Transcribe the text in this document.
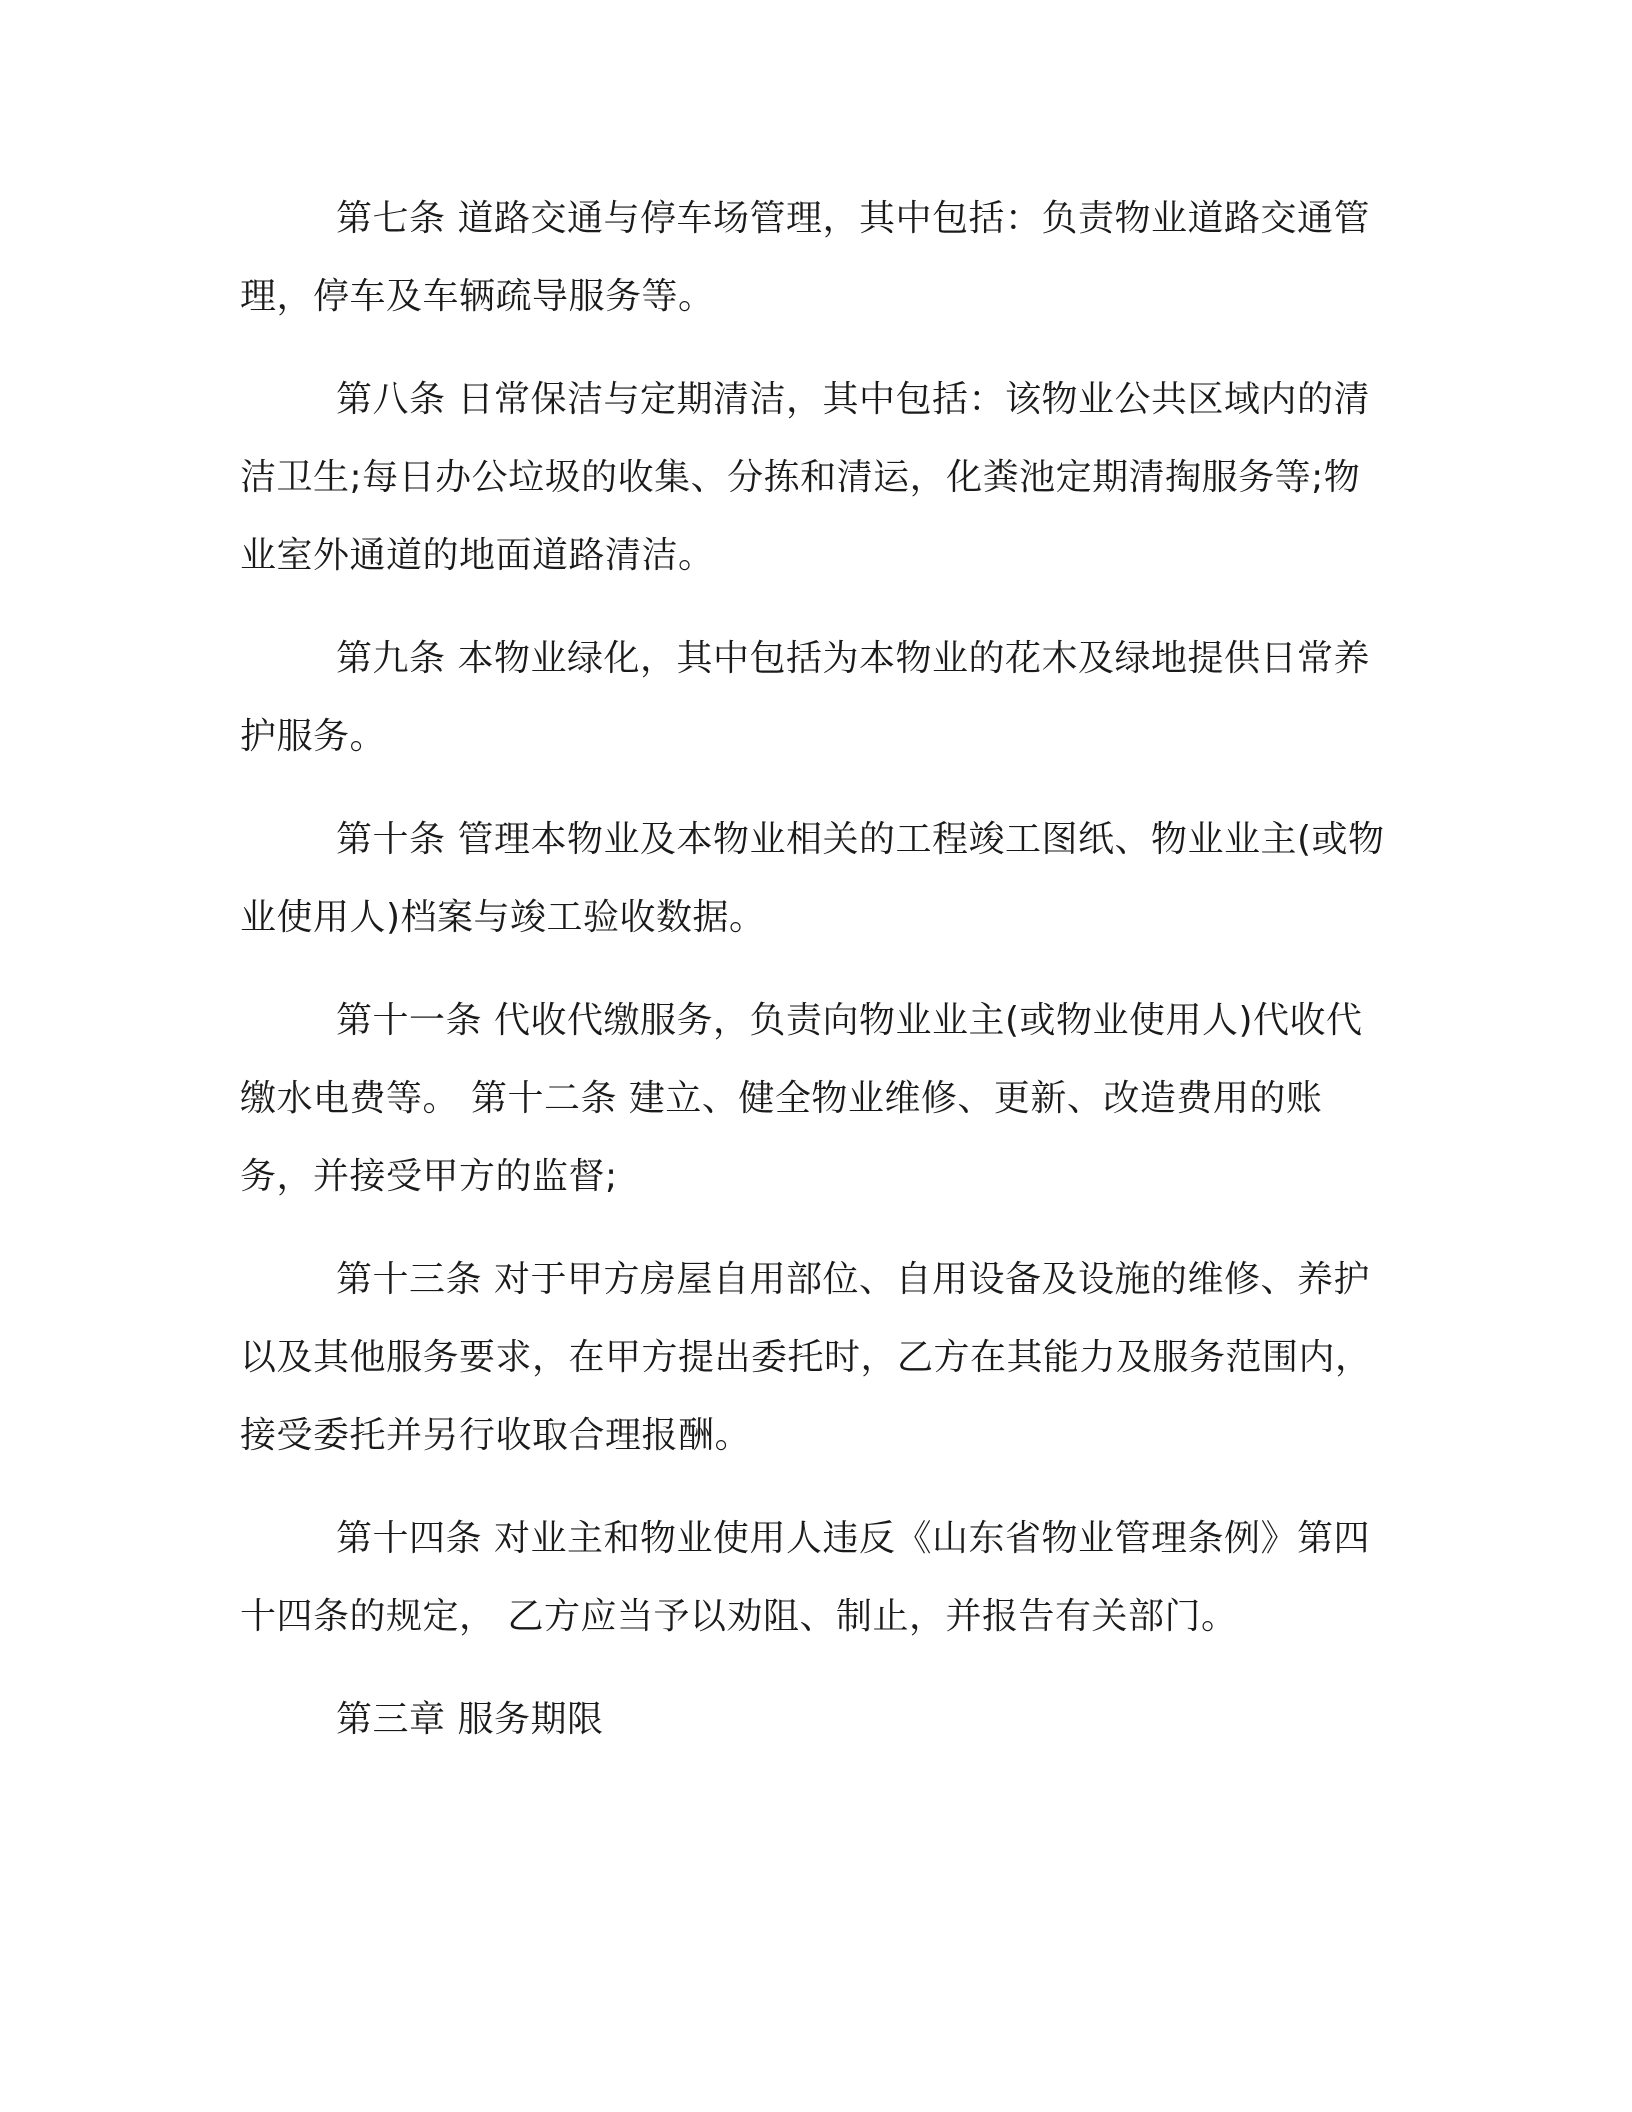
第七条 道路交通与停车场管理，其中包括：负责物业道路交通管理，停车及车辆疏导服务等。

第八条 日常保洁与定期清洁，其中包括：该物业公共区域内的清洁卫生;每日办公垃圾的收集、分拣和清运，化粪池定期清掏服务等;物业室外通道的地面道路清洁。

第九条 本物业绿化，其中包括为本物业的花木及绿地提供日常养护服务。

第十条 管理本物业及本物业相关的工程竣工图纸、物业业主(或物业使用人)档案与竣工验收数据。

第十一条 代收代缴服务，负责向物业业主(或物业使用人)代收代缴水电费等。 第十二条 建立、健全物业维修、更新、改造费用的账务，并接受甲方的监督;

第十三条 对于甲方房屋自用部位、自用设备及设施的维修、养护以及其他服务要求，在甲方提出委托时，乙方在其能力及服务范围内，接受委托并另行收取合理报酬。

第十四条 对业主和物业使用人违反《山东省物业管理条例》第四十四条的规定， 乙方应当予以劝阻、制止，并报告有关部门。

第三章 服务期限
